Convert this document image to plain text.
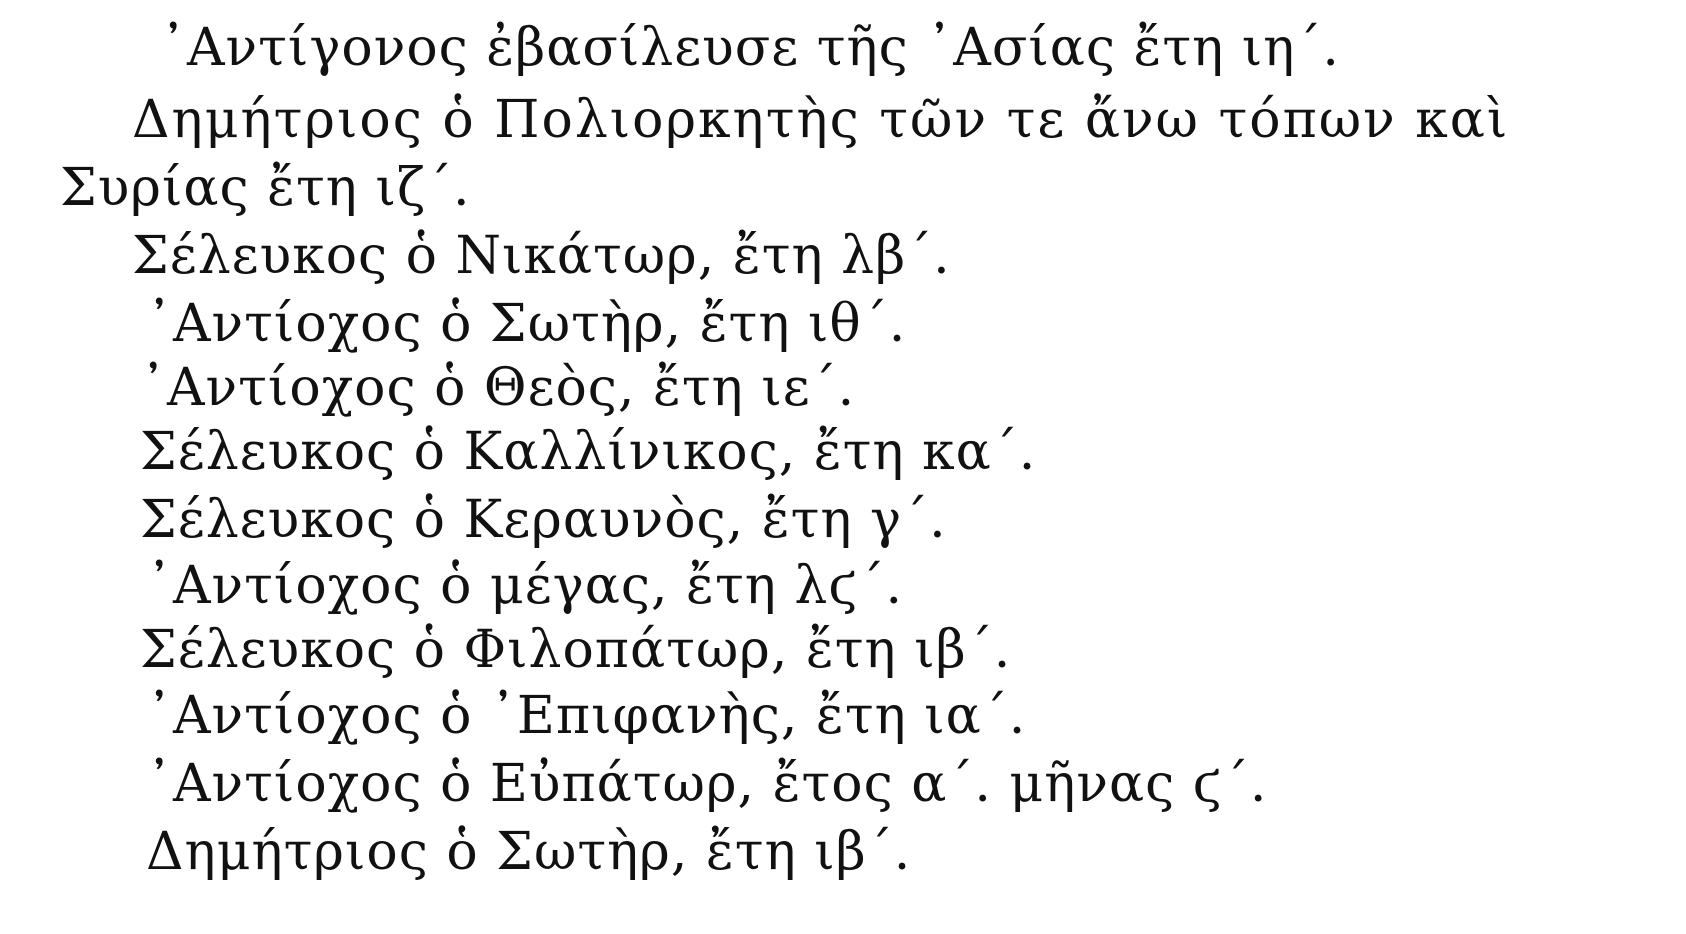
᾿Αντίγονος ἐβασίλευσε τῆς ᾿Ασίας ἔτη ιη΄.
Δημήτριος ὁ Πολιορκητὴς τῶν τε ἄνω τόπων καὶ
Συρίας ἔτη ιζ΄.
Σέλευκος ὁ Νικάτωρ, ἔτη λβ΄.
᾿Αντίοχος ὁ Σωτὴρ, ἔτη ιθ΄.
᾿Αντίοχος ὁ Θεὸς, ἔτη ιε΄.
Σέλευκος ὁ Καλλίνικος, ἔτη κα΄.
Σέλευκος ὁ Κεραυνὸς, ἔτη γ΄.
᾿Αντίοχος ὁ μέγας, ἔτη λϛ΄.
Σέλευκος ὁ Φιλοπάτωρ, ἔτη ιβ΄.
᾿Αντίοχος ὁ ᾿Επιφανὴς, ἔτη ια΄.
᾿Αντίοχος ὁ Εὐπάτωρ, ἔτος α΄. μῆνας ϛ΄.
Δημήτριος ὁ Σωτὴρ, ἔτη ιβ΄.
